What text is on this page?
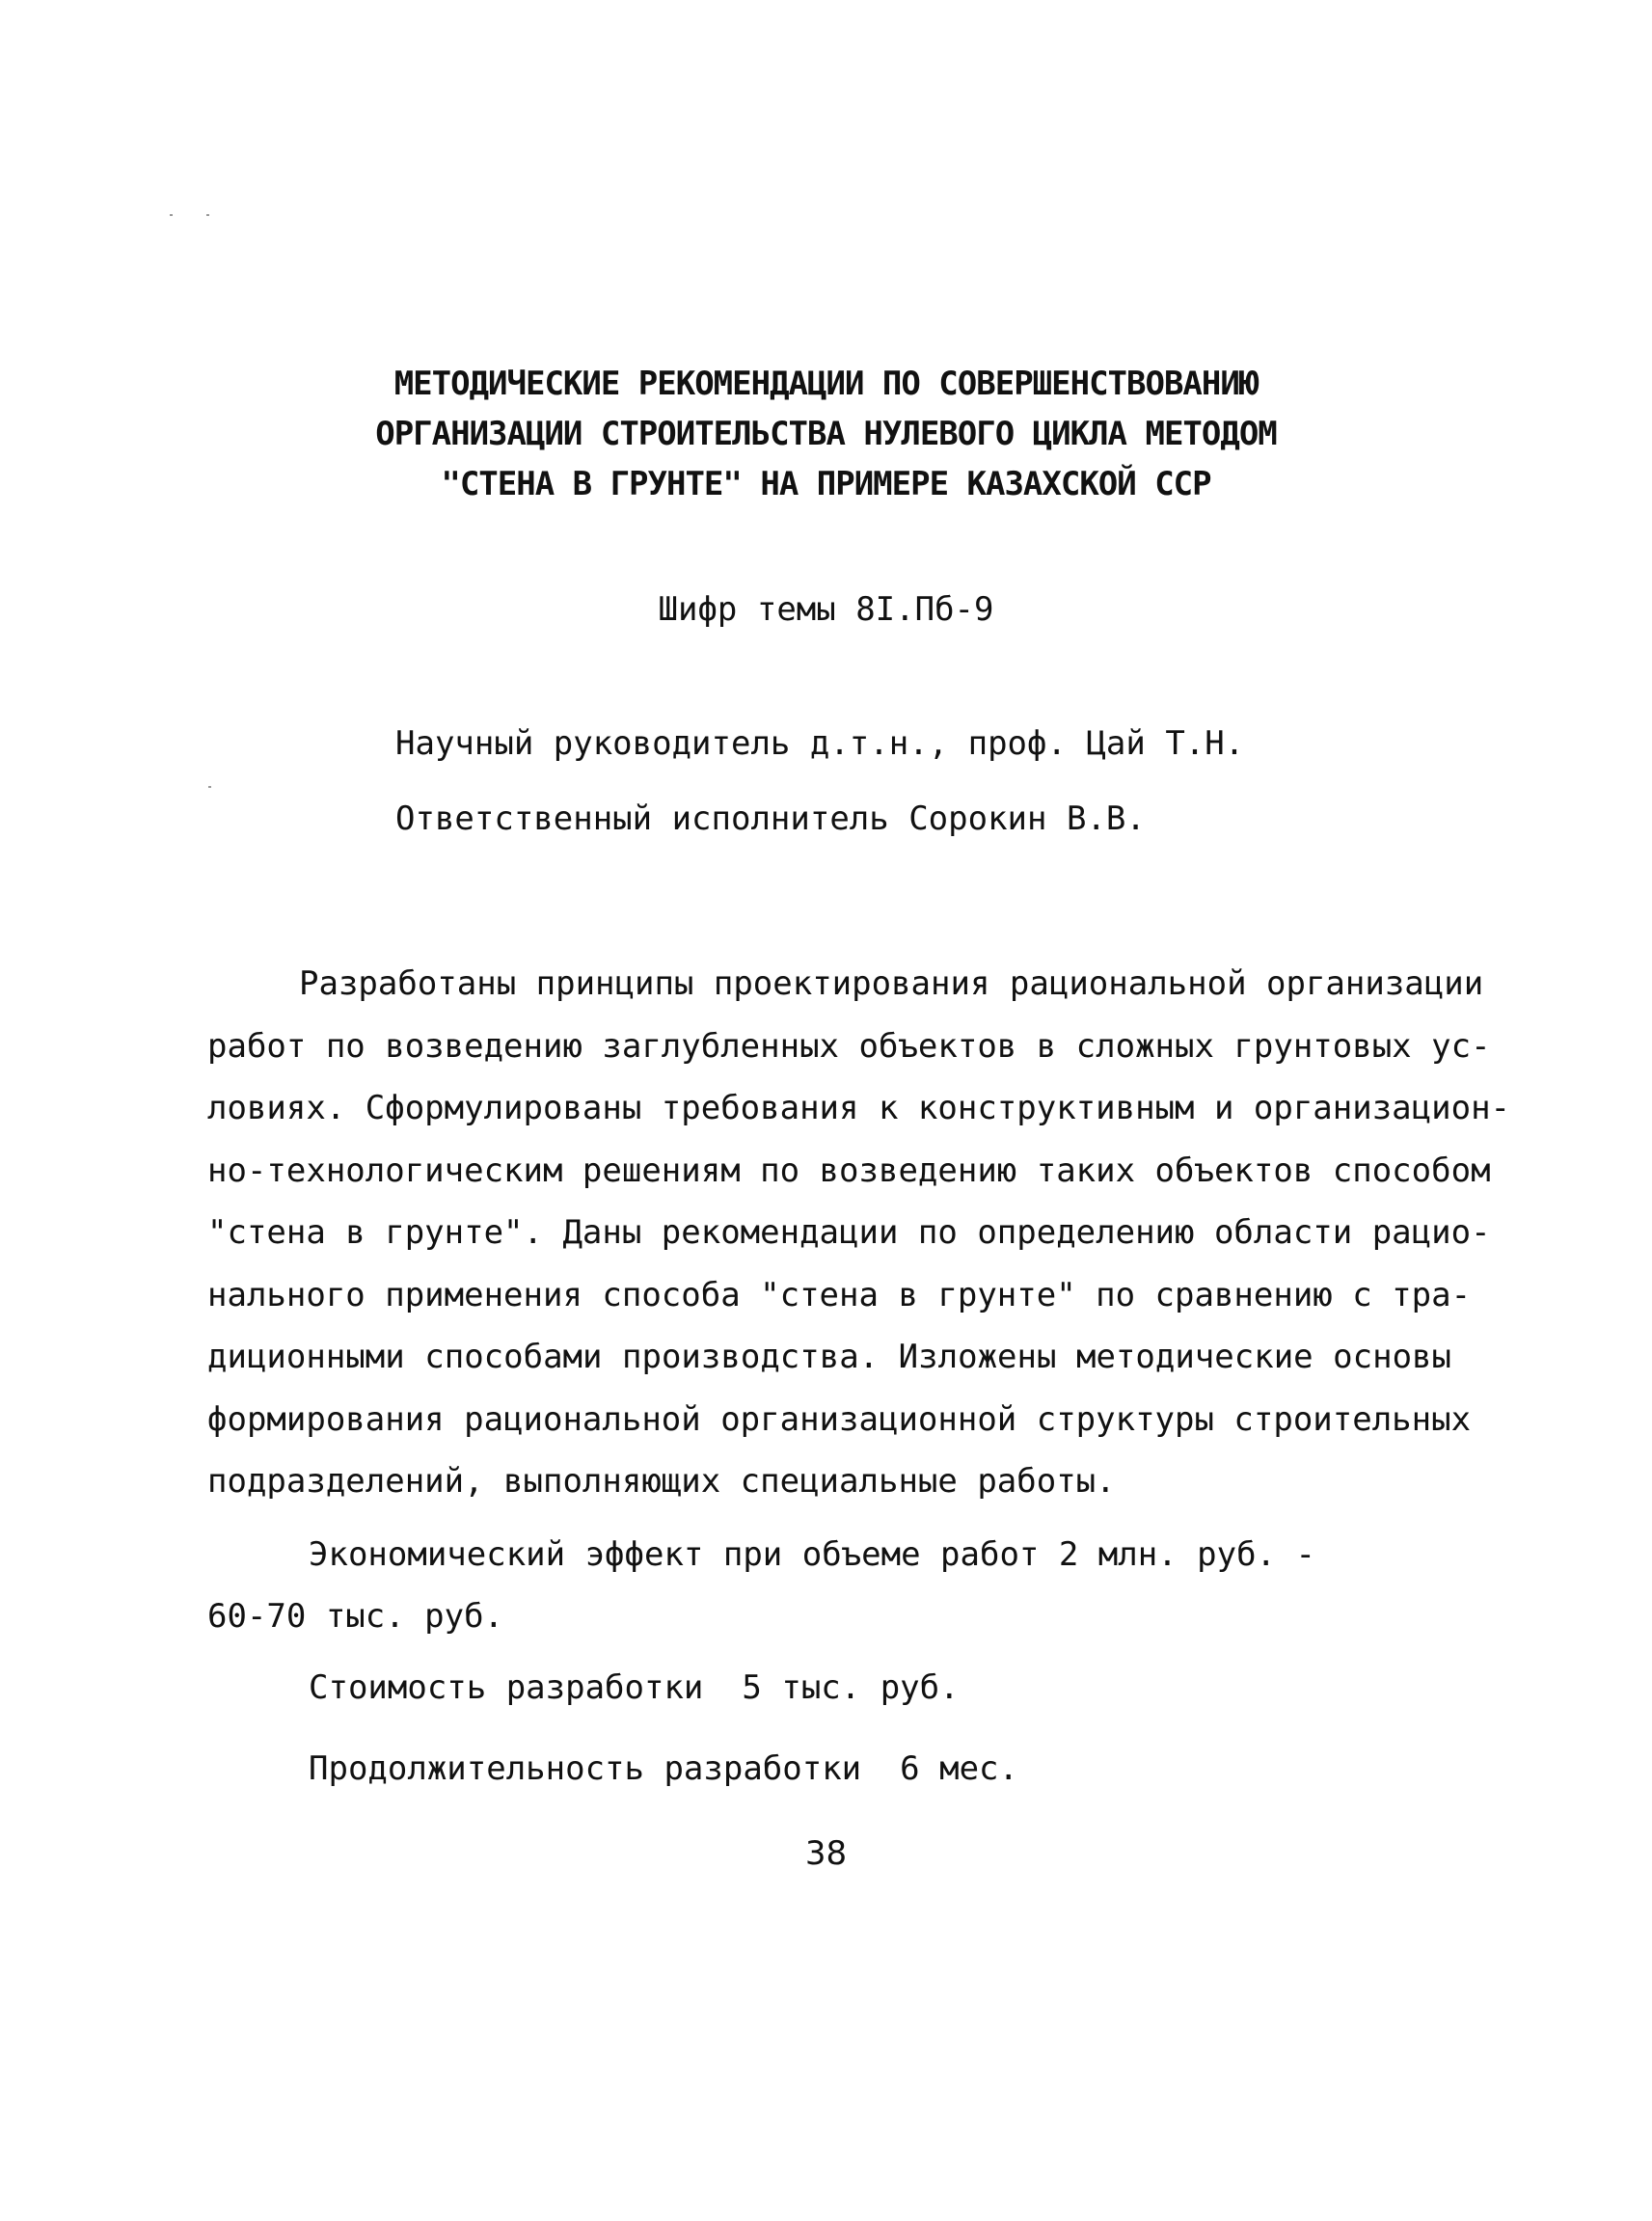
МЕТОДИЧЕСКИЕ РЕКОМЕНДАЦИИ ПО СОВЕРШЕНСТВОВАНИЮ
ОРГАНИЗАЦИИ СТРОИТЕЛЬСТВА НУЛЕВОГО ЦИКЛА МЕТОДОМ
"СТЕНА В ГРУНТЕ" НА ПРИМЕРЕ КАЗАХСКОЙ ССР
Шифр темы 8I.Пб-9
Научный руководитель д.т.н., проф. Цай Т.Н.
Ответственный исполнитель Сорокин В.В.
Разработаны принципы проектирования рациональной организации
работ по возведению заглубленных объектов в сложных грунтовых ус-
ловиях. Сформулированы требования к конструктивным и организацион-
но-технологическим решениям по возведению таких объектов способом
"стена в грунте". Даны рекомендации по определению области рацио-
нального применения способа "стена в грунте" по сравнению с тра-
диционными способами производства. Изложены методические основы
формирования рациональной организационной структуры строительных
подразделений, выполняющих специальные работы.
Экономический эффект при объеме работ 2 млн. руб. -
60-70 тыс. руб.
Стоимость разработки 5 тыс. руб.
Продолжительность разработки 6 мес.
38
